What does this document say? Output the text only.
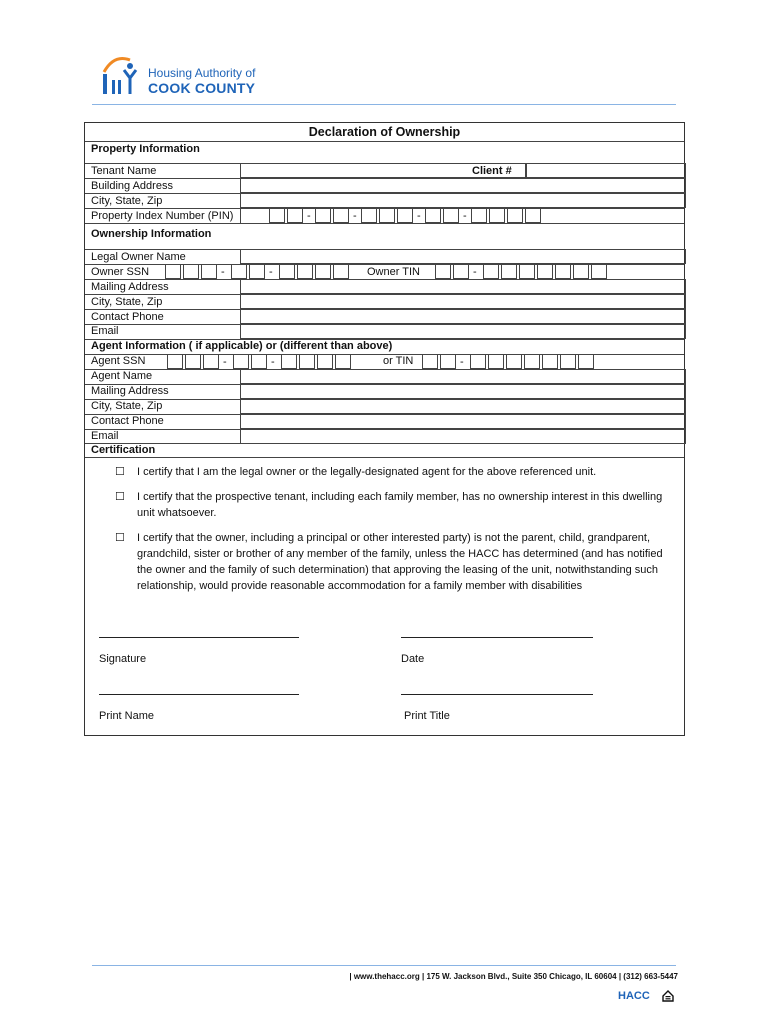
Housing Authority of
COOK COUNTY
Declaration of Ownership
Property Information
Tenant Name	Client #
Building Address
City, State, Zip
Property Index Number (PIN)	-	-	-	-
Ownership Information
Legal Owner Name
Owner SSN	-	-	Owner TIN	-
Mailing Address
City, State, Zip
Contact Phone
Email
Agent Information ( if applicable) or (different than above)
Agent SSN	-	-	or TIN	-
Agent Name
Mailing Address
City, State, Zip
Contact Phone
Email
Certification
☐ I certify that I am the legal owner or the legally-designated agent for the above referenced unit.
☐ I certify that the prospective tenant, including each family member, has no ownership interest in this dwelling unit whatsoever.
☐ I certify that the owner, including a principal or other interested party) is not the parent, child, grandparent, grandchild, sister or brother of any member of the family, unless the HACC has determined (and has notified the owner and the family of such determination) that approving the leasing of the unit, notwithstanding such relationship, would provide reasonable accommodation for a family member with disabilities
Signature	Date
Print Name	Print Title
| www.thehacc.org | 175 W. Jackson Blvd., Suite 350 Chicago, IL 60604 | (312) 663-5447
HACC
